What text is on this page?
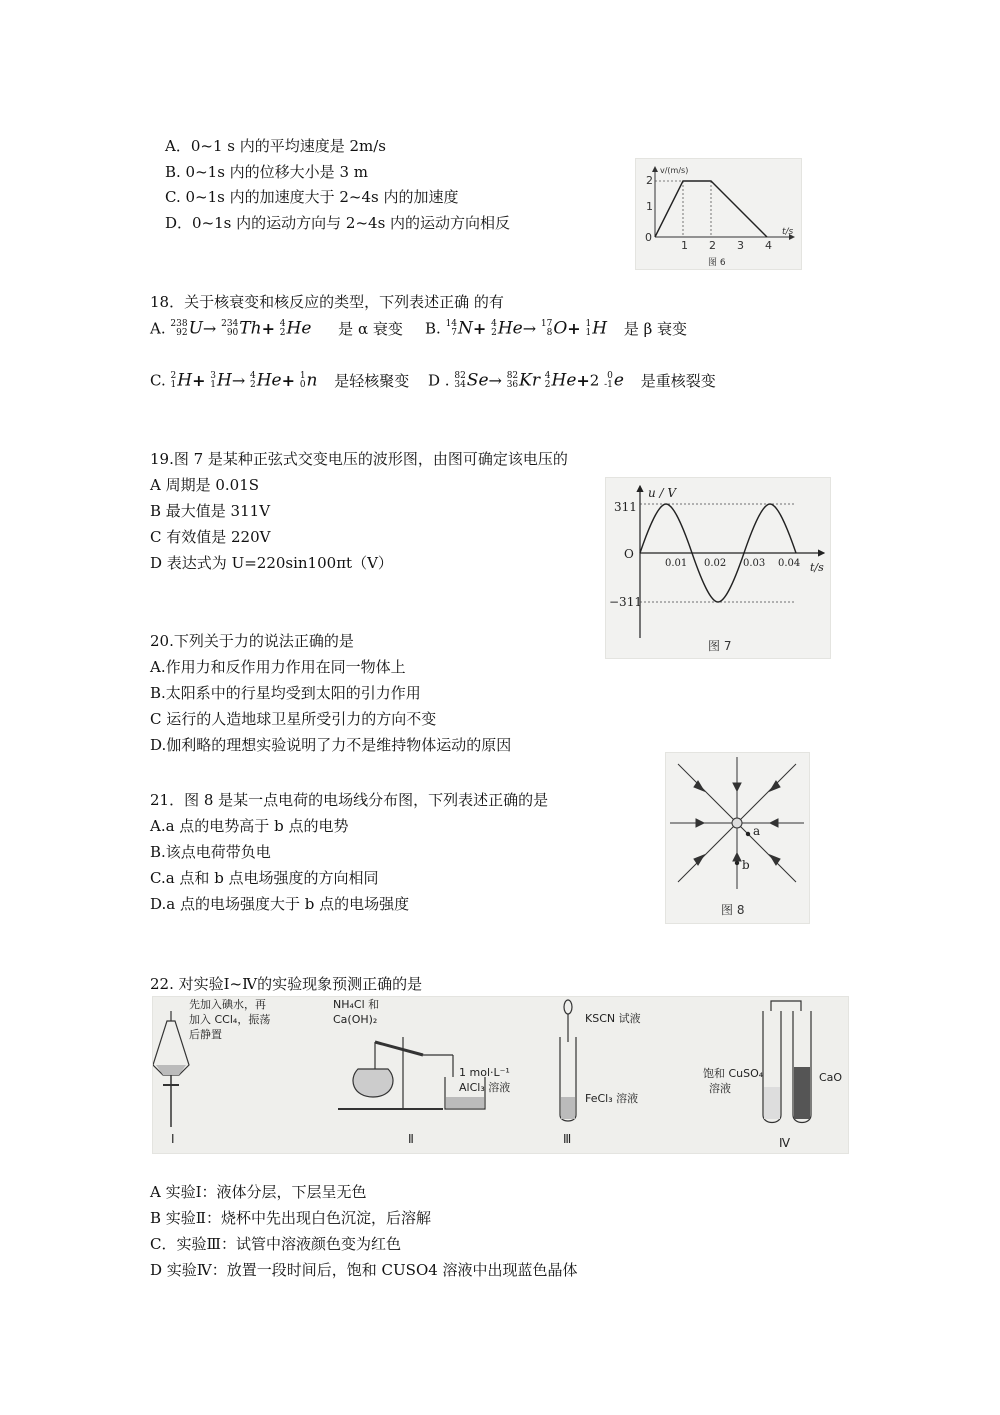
A．0~1 s 内的平均速度是 2m/s
B. 0~1s 内的位移大小是 3 m
C. 0~1s 内的加速度大于 2~4s 内的加速度
D．0~1s 内的运动方向与 2~4s 内的运动方向相反
v/(m/s)
t/s
0
1
2
1 2 3 4
图 6
18．关于核衰变和核反应的类型，下列表述正确 的有
A. 238
92 U→ 234
90 Th+ 4
2 He 是 α 衰变 B. 14
7 N+ 4
2 He→ 17
8 O+ 1
1 H 是 β 衰变
C. 2
1 H+ 3
1 H→ 4
2 He+ 1
0 n 是轻核聚变 D . 82
34 Se→ 82
36 Kr 4
2 He+2 0
-1 e 是重核裂变
19.图 7 是某种正弦式交变电压的波形图，由图可确定该电压的
A 周期是 0.01S
B 最大值是 311V
C 有效值是 220V
D 表达式为 U=220sin100πt（V）
u / V
t/s
311
O
−311
0.01 0.02 0.03 0.04
图 7
20.下列关于力的说法正确的是
A.作用力和反作用力作用在同一物体上
B.太阳系中的行星均受到太阳的引力作用
C 运行的人造地球卫星所受引力的方向不变
D.伽利略的理想实验说明了力不是维持物体运动的原因
21．图 8 是某一点电荷的电场线分布图，下列表述正确的是
A.a 点的电势高于 b 点的电势
B.该点电荷带负电
C.a 点和 b 点电场强度的方向相同
D.a 点的电场强度大于 b 点的电场强度
a
b
图 8
22. 对实验Ⅰ~Ⅳ的实验现象预测正确的是
先加入碘水，再
加入 CCl₄，振荡
后静置
Ⅰ
NH₄Cl 和
Ca(OH)₂
1 mol·L⁻¹
AlCl₃ 溶液
Ⅱ
KSCN 试液
FeCl₃ 溶液
Ⅲ
饱和 CuSO₄
溶液
CaO
Ⅳ
A 实验Ⅰ：液体分层，下层呈无色
B 实验Ⅱ：烧杯中先出现白色沉淀，后溶解
C．实验Ⅲ：试管中溶液颜色变为红色
D 实验Ⅳ：放置一段时间后，饱和 CUSO4 溶液中出现蓝色晶体
